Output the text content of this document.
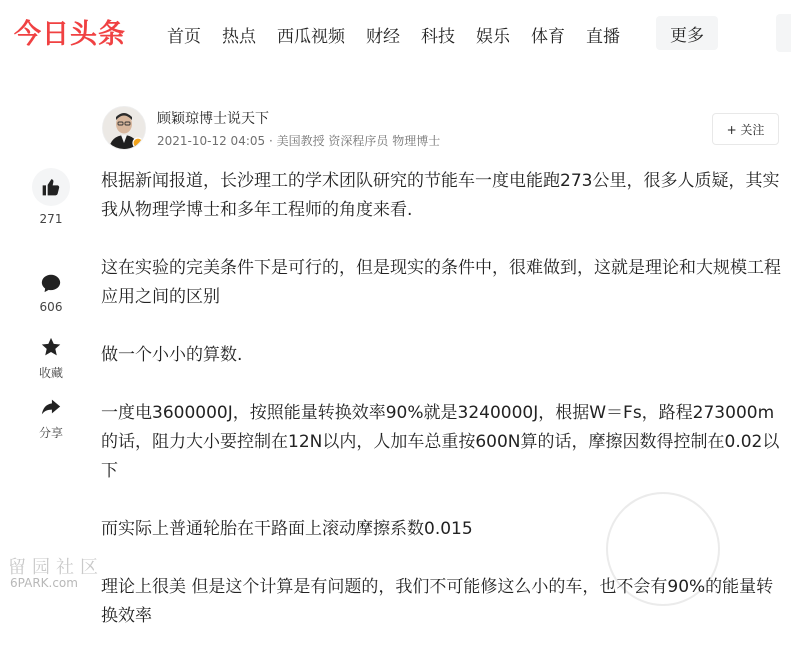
今日头条 首页 热点 西瓜视频 财经 科技 娱乐 体育 直播	更多
顾颖琼博士说天下
2021-10-12 04:05 · 美国教授 资深程序员 物理博士
+ 关注
271
606
收藏
分享

根据新闻报道，长沙理工的学术团队研究的节能车一度电能跑273公里，很多人质疑，其实我从物理学博士和多年工程师的角度来看.

这在实验的完美条件下是可行的，但是现实的条件中，很难做到，这就是理论和大规模工程应用之间的区别

做一个小小的算数.

一度电3600000J，按照能量转换效率90%就是3240000J，根据W＝Fs，路程273000m的话，阻力大小要控制在12N以内，人加车总重按600N算的话，摩擦因数得控制在0.02以下

而实际上普通轮胎在干路面上滚动摩擦系数0.015

理论上很美 但是这个计算是有问题的，我们不可能修这么小的车，也不会有90%的能量转换效率

留园社区
6PARK.com
